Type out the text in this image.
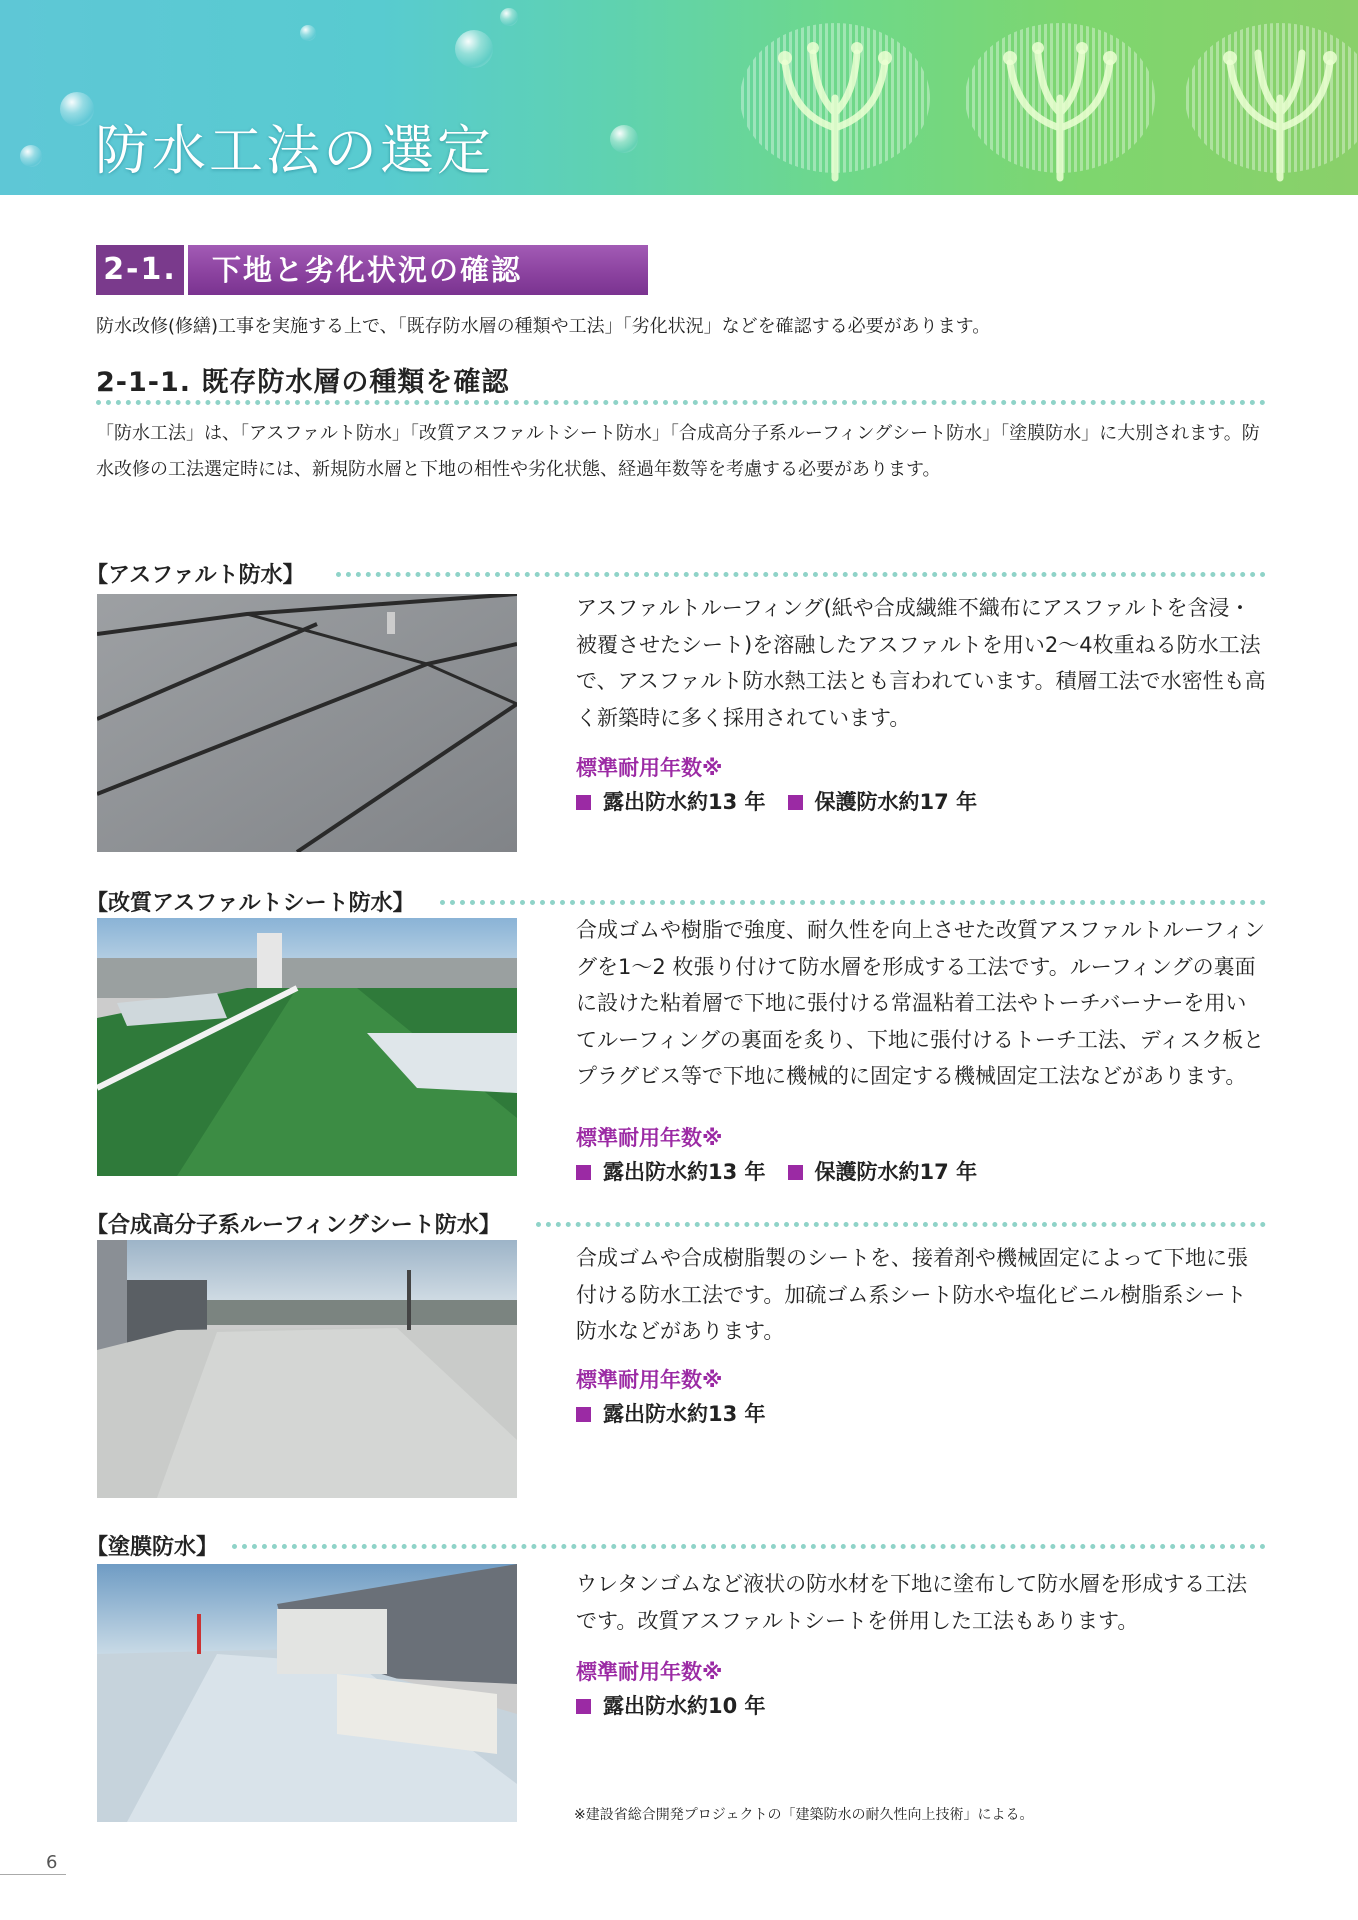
防水工法の選定
2-1.	下地と劣化状況の確認
防水改修(修繕)工事を実施する上で、「既存防水層の種類や工法」「劣化状況」などを確認する必要があります。
2-1-1. 既存防水層の種類を確認
「防水工法」は、「アスファルト防水」「改質アスファルトシート防水」「合成高分子系ルーフィングシート防水」「塗膜防水」に大別されます。防水改修の工法選定時には、新規防水層と下地の相性や劣化状態、経過年数等を考慮する必要があります。
【アスファルト防水】
アスファルトルーフィング(紙や合成繊維不織布にアスファルトを含浸・被覆させたシート)を溶融したアスファルトを用い2～4枚重ねる防水工法で、アスファルト防水熱工法とも言われています。積層工法で水密性も高く新築時に多く採用されています。
標準耐用年数※
露出防水約13 年 保護防水約17 年
【改質アスファルトシート防水】
合成ゴムや樹脂で強度、耐久性を向上させた改質アスファルトルーフィングを1～2 枚張り付けて防水層を形成する工法です。ルーフィングの裏面に設けた粘着層で下地に張付ける常温粘着工法やトーチバーナーを用いてルーフィングの裏面を炙り、下地に張付けるトーチ工法、ディスク板とプラグビス等で下地に機械的に固定する機械固定工法などがあります。
標準耐用年数※
露出防水約13 年 保護防水約17 年
【合成高分子系ルーフィングシート防水】
合成ゴムや合成樹脂製のシートを、接着剤や機械固定によって下地に張付ける防水工法です。加硫ゴム系シート防水や塩化ビニル樹脂系シート防水などがあります。
標準耐用年数※
露出防水約13 年
【塗膜防水】
ウレタンゴムなど液状の防水材を下地に塗布して防水層を形成する工法です。改質アスファルトシートを併用した工法もあります。
標準耐用年数※
露出防水約10 年
※建設省総合開発プロジェクトの「建築防水の耐久性向上技術」による。
6
